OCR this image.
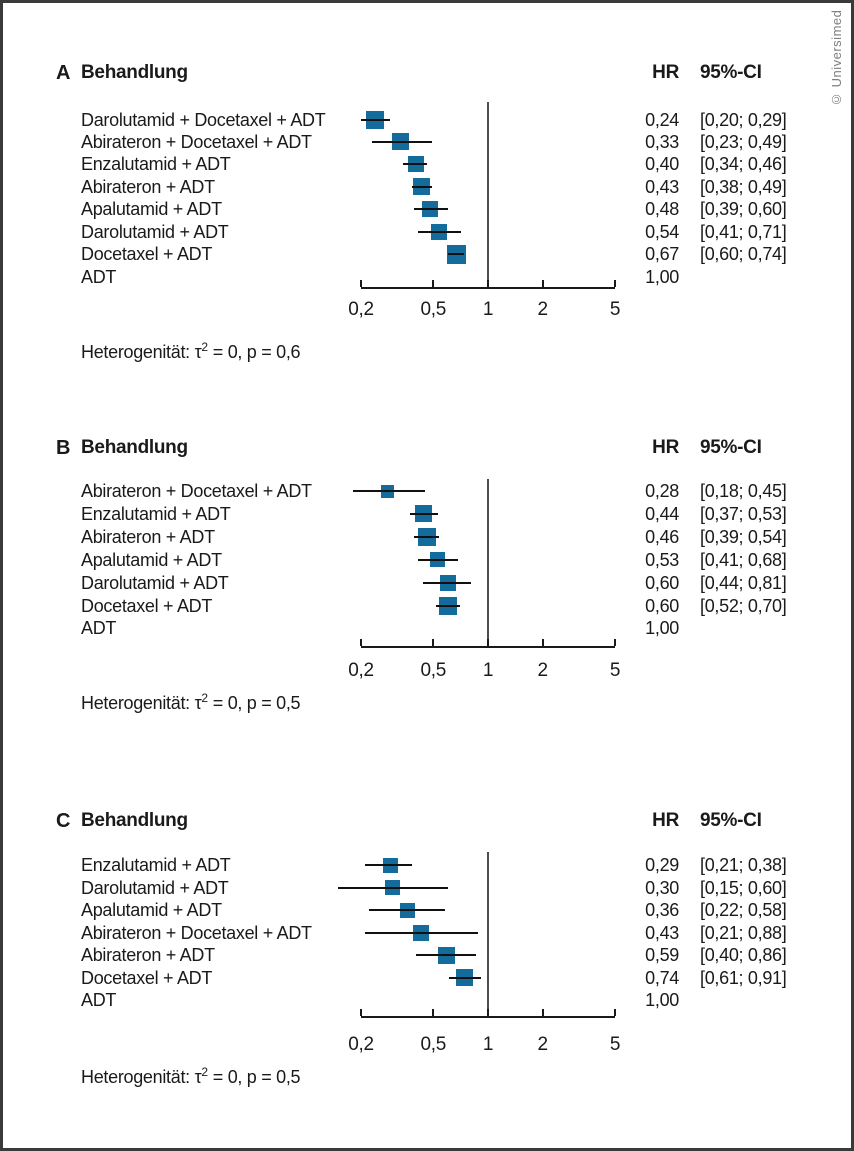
© Universimed
A Behandlung	HR 95%-CI
Darolutamid + Docetaxel + ADT	0,24 [0,20; 0,29]
Abirateron + Docetaxel + ADT	0,33 [0,23; 0,49]
Enzalutamid + ADT	0,40 [0,34; 0,46]
Abirateron + ADT	0,43 [0,38; 0,49]
Apalutamid + ADT	0,48 [0,39; 0,60]
Darolutamid + ADT	0,54 [0,41; 0,71]
Docetaxel + ADT	0,67 [0,60; 0,74]
ADT	1,00
0,2	0,5	1	2	5
Heterogenität: $\tau^2 = 0$, p = 0,6
B Behandlung	HR 95%-CI
Abirateron + Docetaxel + ADT	0,28 [0,18; 0,45]
Enzalutamid + ADT	0,44 [0,37; 0,53]
Abirateron + ADT	0,46 [0,39; 0,54]
Apalutamid + ADT	0,53 [0,41; 0,68]
Darolutamid + ADT	0,60 [0,44; 0,81]
Docetaxel + ADT	0,60 [0,52; 0,70]
ADT	1,00
0,2	0,5	1	2	5
Heterogenität: $\tau^2 = 0$, p = 0,5
C Behandlung	HR 95%-CI
Enzalutamid + ADT	0,29 [0,21; 0,38]
Darolutamid + ADT	0,30 [0,15; 0,60]
Apalutamid + ADT	0,36 [0,22; 0,58]
Abirateron + Docetaxel + ADT	0,43 [0,21; 0,88]
Abirateron + ADT	0,59 [0,40; 0,86]
Docetaxel + ADT	0,74 [0,61; 0,91]
ADT	1,00
0,2	0,5	1	2	5
Heterogenität: $\tau^2 = 0$, p = 0,5
